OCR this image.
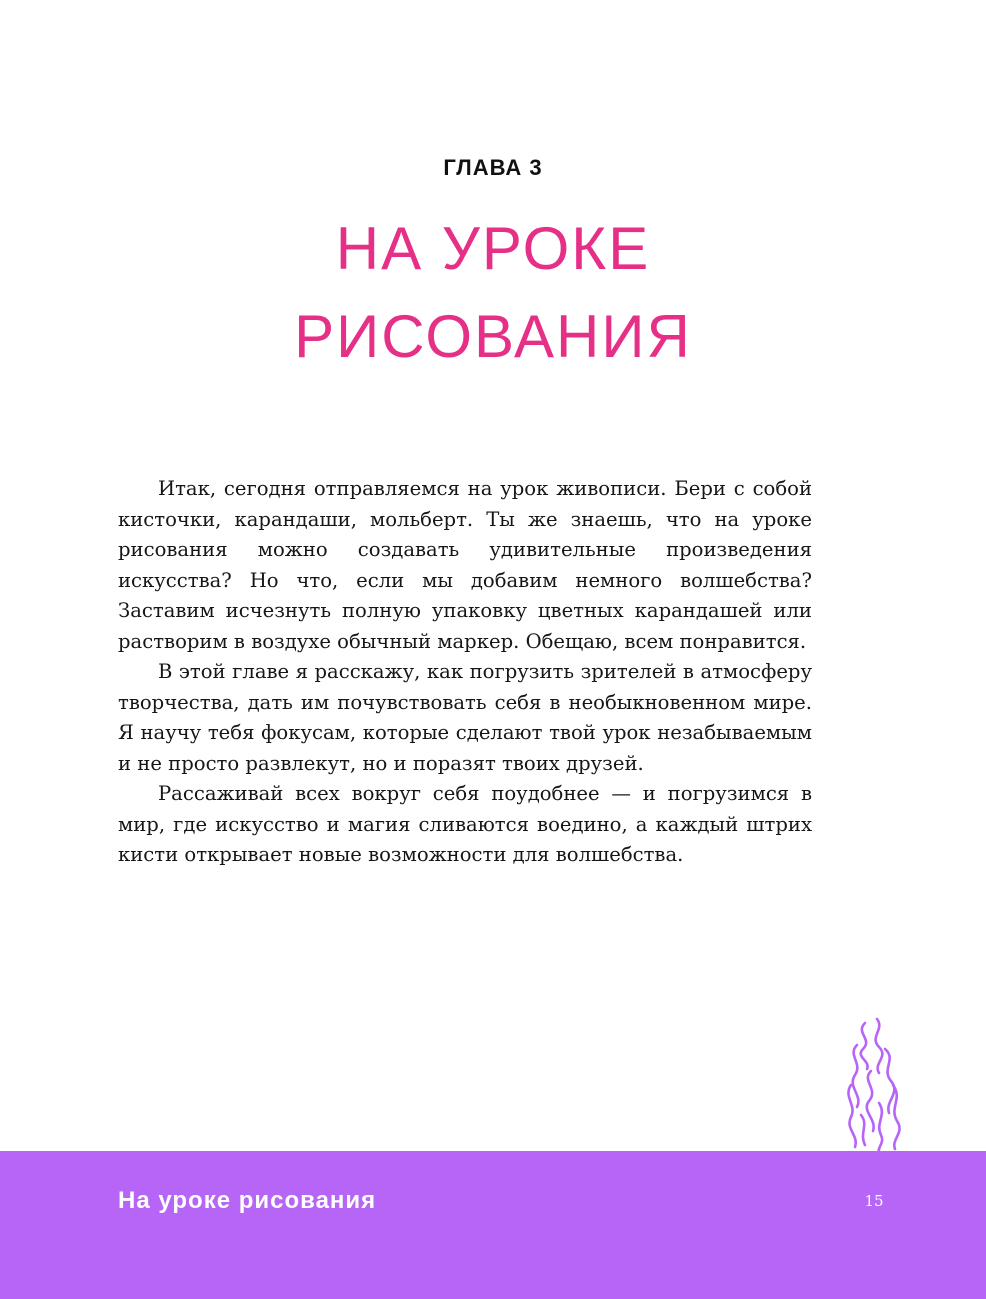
ГЛАВА 3
НА УРОКЕ
РИСОВАНИЯ

Итак, сегодня отправляемся на урок живописи. Бери с собой кисточки, карандаши, мольберт. Ты же знаешь, что на уроке рисования можно создавать удивительные произведения искусства? Но что, если мы добавим немного волшебства? Заставим исчезнуть полную упаковку цветных карандашей или растворим в воздухе обычный маркер. Обещаю, всем понравится.

В этой главе я расскажу, как погрузить зрителей в атмосферу творчества, дать им почувствовать себя в необыкновенном мире. Я научу тебя фокусам, которые сделают твой урок незабываемым и не просто развлекут, но и поразят твоих друзей.

Рассаживай всех вокруг себя поудобнее — и погрузимся в мир, где искусство и магия сливаются воедино, а каждый штрих кисти открывает новые возможности для волшебства.

На уроке рисования	15
